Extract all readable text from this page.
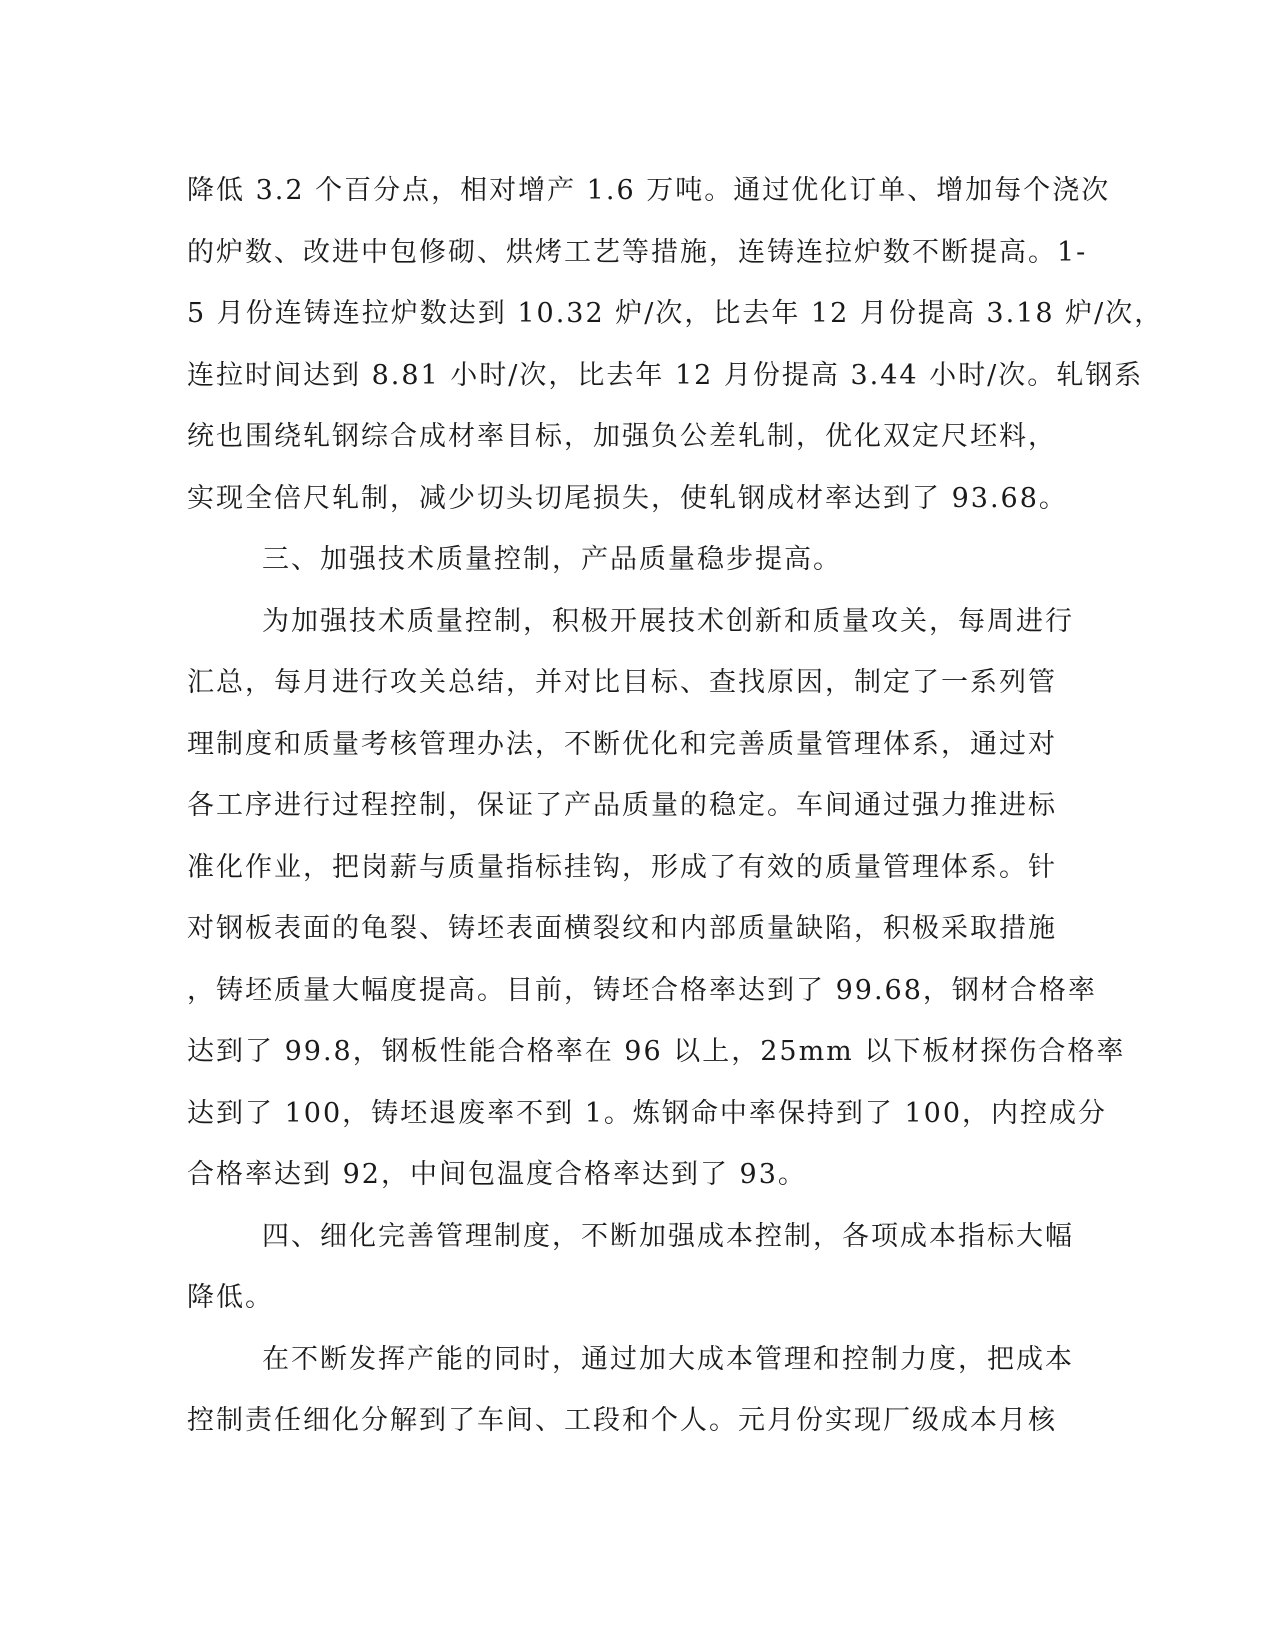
降低 3.2 个百分点，相对增产 1.6 万吨。通过优化订单、增加每个浇次
的炉数、改进中包修砌、烘烤工艺等措施，连铸连拉炉数不断提高。1-
5 月份连铸连拉炉数达到 10.32 炉/次，比去年 12 月份提高 3.18 炉/次，
连拉时间达到 8.81 小时/次，比去年 12 月份提高 3.44 小时/次。轧钢系
统也围绕轧钢综合成材率目标，加强负公差轧制，优化双定尺坯料，
实现全倍尺轧制，减少切头切尾损失，使轧钢成材率达到了 93.68。
三、加强技术质量控制，产品质量稳步提高。
为加强技术质量控制，积极开展技术创新和质量攻关，每周进行
汇总，每月进行攻关总结，并对比目标、查找原因，制定了一系列管
理制度和质量考核管理办法，不断优化和完善质量管理体系，通过对
各工序进行过程控制，保证了产品质量的稳定。车间通过强力推进标
准化作业，把岗薪与质量指标挂钩，形成了有效的质量管理体系。针
对钢板表面的龟裂、铸坯表面横裂纹和内部质量缺陷，积极采取措施
，铸坯质量大幅度提高。目前，铸坯合格率达到了 99.68，钢材合格率
达到了 99.8，钢板性能合格率在 96 以上，25mm 以下板材探伤合格率
达到了 100，铸坯退废率不到 1。炼钢命中率保持到了 100，内控成分
合格率达到 92，中间包温度合格率达到了 93。
四、细化完善管理制度，不断加强成本控制，各项成本指标大幅
降低。
在不断发挥产能的同时，通过加大成本管理和控制力度，把成本
控制责任细化分解到了车间、工段和个人。元月份实现厂级成本月核
